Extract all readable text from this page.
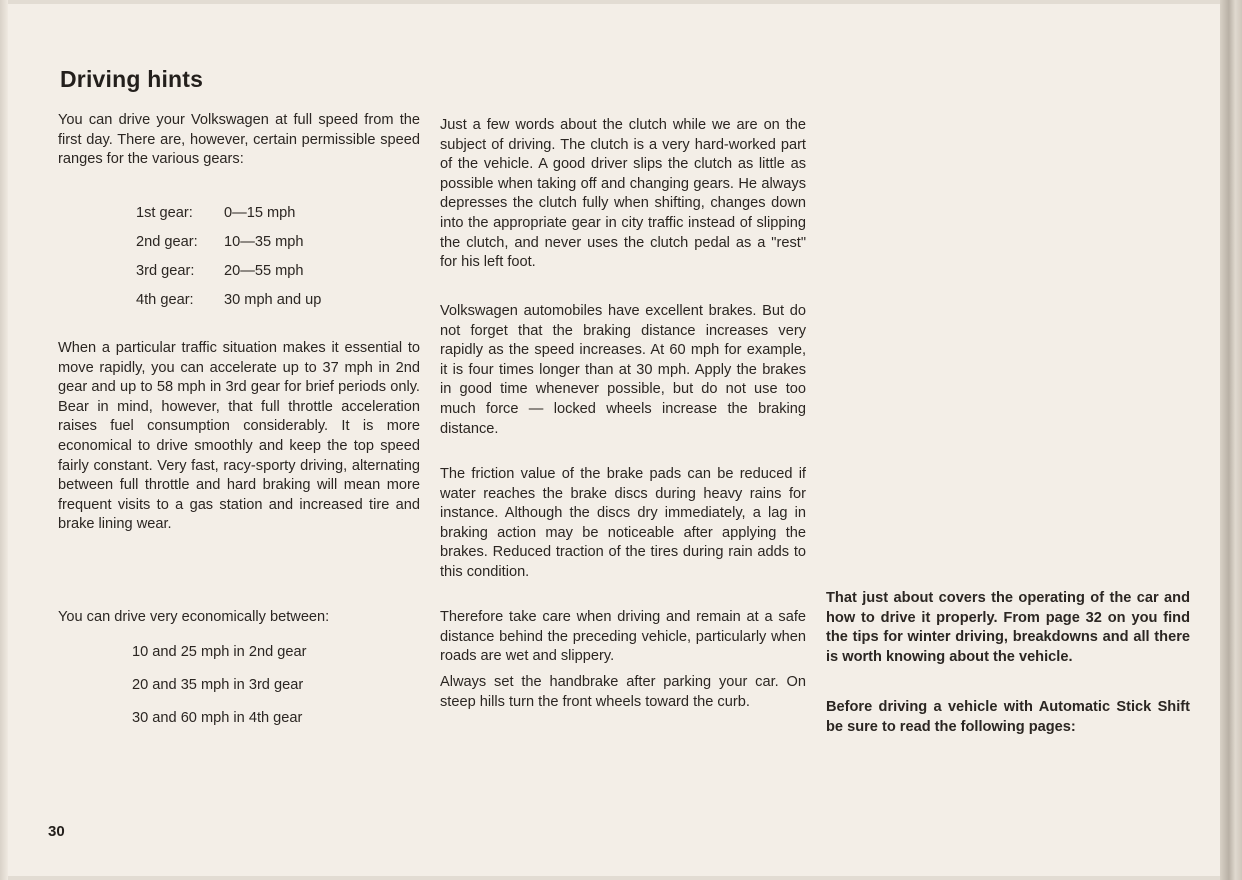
Driving hints

You can drive your Volkswagen at full speed from the first day. There are, however, certain permissible speed ranges for the various gears:

1st gear:	0—15 mph
2nd gear:	10—35 mph
3rd gear:	20—55 mph
4th gear:	30 mph and up

When a particular traffic situation makes it essential to move rapidly, you can accelerate up to 37 mph in 2nd gear and up to 58 mph in 3rd gear for brief periods only. Bear in mind, however, that full throttle acceleration raises fuel consumption considerably. It is more economical to drive smoothly and keep the top speed fairly constant. Very fast, racy-sporty driving, alternating between full throttle and hard braking will mean more frequent visits to a gas station and increased tire and brake lining wear.

You can drive very economically between:

10 and 25 mph in 2nd gear
20 and 35 mph in 3rd gear
30 and 60 mph in 4th gear

Just a few words about the clutch while we are on the subject of driving. The clutch is a very hard-worked part of the vehicle. A good driver slips the clutch as little as possible when taking off and changing gears. He always depresses the clutch fully when shifting, changes down into the appropriate gear in city traffic instead of slipping the clutch, and never uses the clutch pedal as a "rest" for his left foot.

Volkswagen automobiles have excellent brakes. But do not forget that the braking distance increases very rapidly as the speed increases. At 60 mph for example, it is four times longer than at 30 mph. Apply the brakes in good time whenever possible, but do not use too much force — locked wheels increase the braking distance.

The friction value of the brake pads can be reduced if water reaches the brake discs during heavy rains for instance. Although the discs dry immediately, a lag in braking action may be noticeable after applying the brakes. Reduced traction of the tires during rain adds to this condition.

Therefore take care when driving and remain at a safe distance behind the preceding vehicle, particularly when roads are wet and slippery.

Always set the handbrake after parking your car. On steep hills turn the front wheels toward the curb.

That just about covers the operating of the car and how to drive it properly. From page 32 on you find the tips for winter driving, breakdowns and all there is worth knowing about the vehicle.

Before driving a vehicle with Automatic Stick Shift be sure to read the following pages:

30
